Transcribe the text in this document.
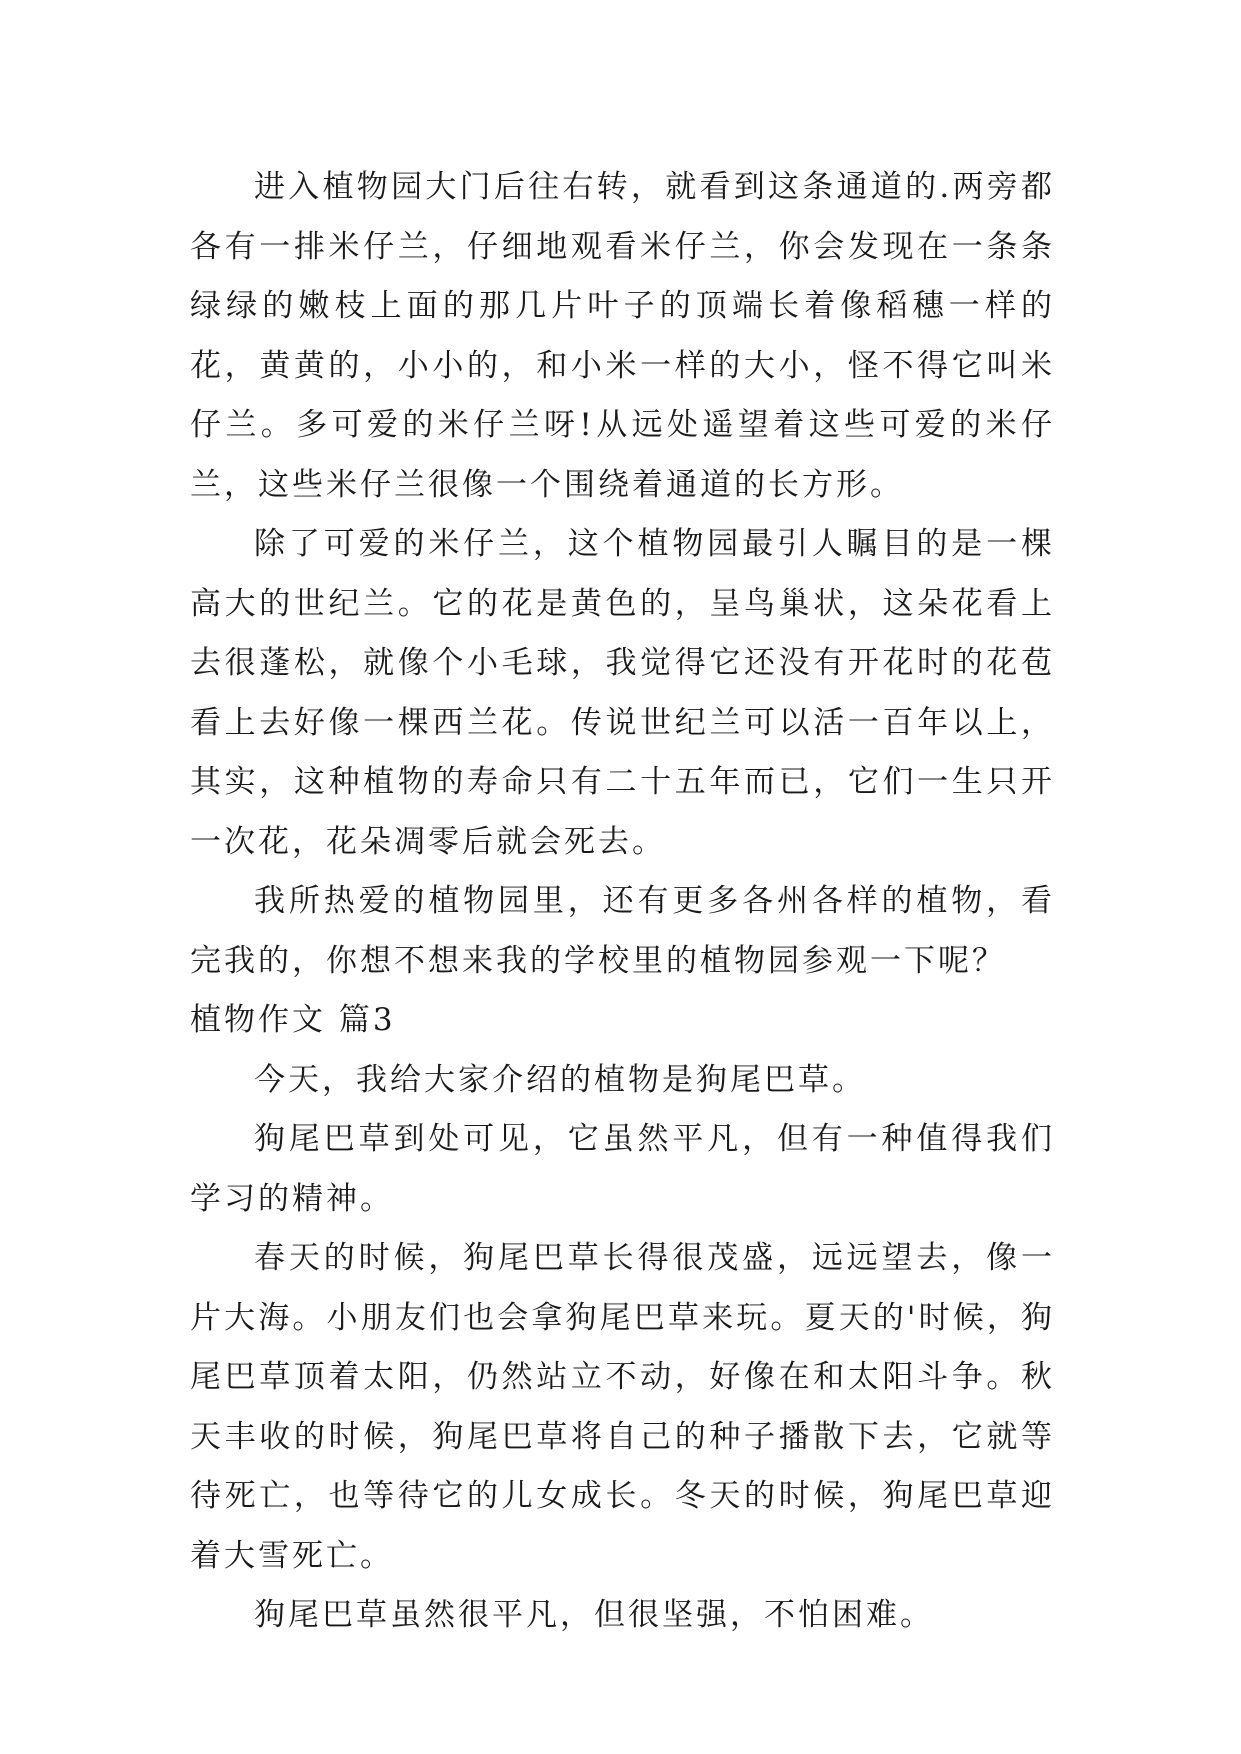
进入植物园大门后往右转，就看到这条通道的.两旁都各有一排米仔兰，仔细地观看米仔兰，你会发现在一条条绿绿的嫩枝上面的那几片叶子的顶端长着像稻穗一样的花，黄黄的，小小的，和小米一样的大小，怪不得它叫米仔兰。多可爱的米仔兰呀!从远处遥望着这些可爱的米仔兰，这些米仔兰很像一个围绕着通道的长方形。

除了可爱的米仔兰，这个植物园最引人瞩目的是一棵高大的世纪兰。它的花是黄色的，呈鸟巢状，这朵花看上去很蓬松，就像个小毛球，我觉得它还没有开花时的花苞看上去好像一棵西兰花。传说世纪兰可以活一百年以上，其实，这种植物的寿命只有二十五年而已，它们一生只开一次花，花朵凋零后就会死去。

我所热爱的植物园里，还有更多各州各样的植物，看完我的，你想不想来我的学校里的植物园参观一下呢？

植物作文 篇3

今天，我给大家介绍的植物是狗尾巴草。

狗尾巴草到处可见，它虽然平凡，但有一种值得我们学习的精神。

春天的时候，狗尾巴草长得很茂盛，远远望去，像一片大海。小朋友们也会拿狗尾巴草来玩。夏天的'时候，狗尾巴草顶着太阳，仍然站立不动，好像在和太阳斗争。秋天丰收的时候，狗尾巴草将自己的种子播散下去，它就等待死亡，也等待它的儿女成长。冬天的时候，狗尾巴草迎着大雪死亡。

狗尾巴草虽然很平凡，但很坚强，不怕困难。
